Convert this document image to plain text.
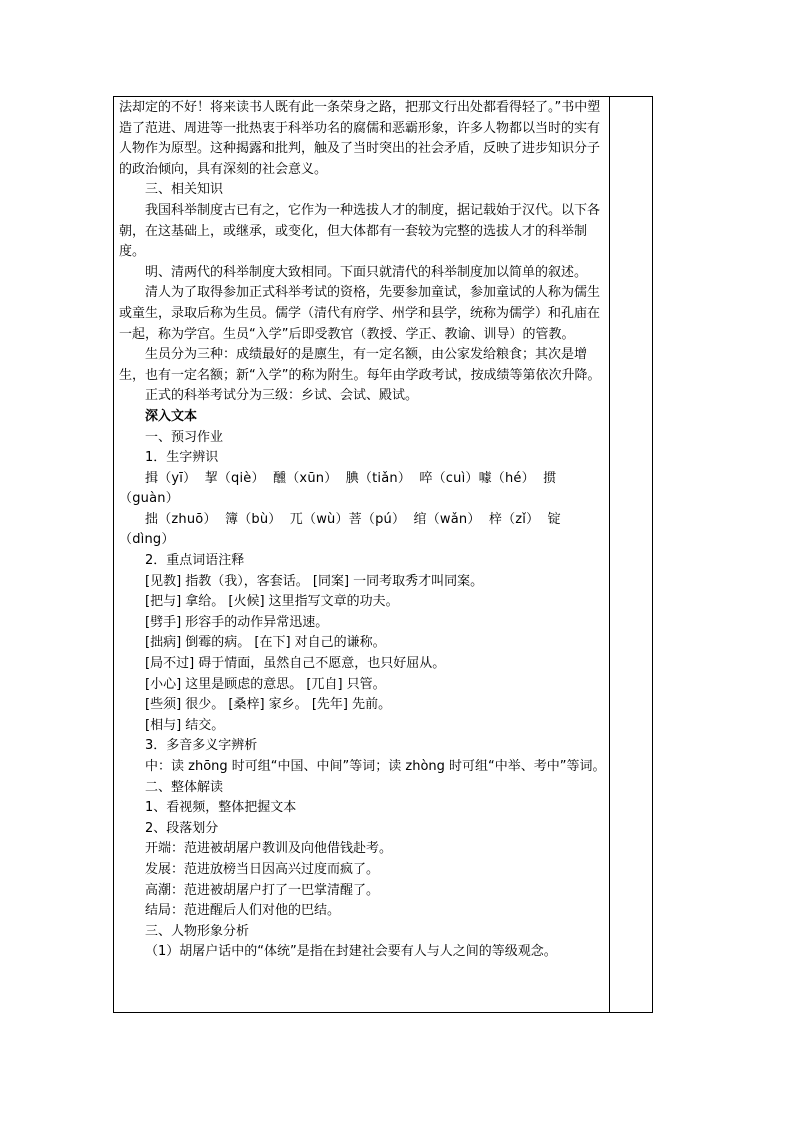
法却定的不好！将来读书人既有此一条荣身之路，把那文行出处都看得轻了。”书中塑造了范进、周进等一批热衷于科举功名的腐儒和恶霸形象，许多人物都以当时的实有人物作为原型。这种揭露和批判，触及了当时突出的社会矛盾，反映了进步知识分子的政治倾向，具有深刻的社会意义。

三、相关知识

我国科举制度古已有之，它作为一种选拔人才的制度，据记载始于汉代。以下各朝，在这基础上，或继承，或变化，但大体都有一套较为完整的选拔人才的科举制度。

明、清两代的科举制度大致相同。下面只就清代的科举制度加以简单的叙述。

清人为了取得参加正式科举考试的资格，先要参加童试，参加童试的人称为儒生或童生，录取后称为生员。儒学（清代有府学、州学和县学，统称为儒学）和孔庙在一起，称为学宫。生员“入学”后即受教官（教授、学正、教谕、训导）的管教。

生员分为三种：成绩最好的是廪生，有一定名额，由公家发给粮食；其次是增生，也有一定名额；新“入学”的称为附生。每年由学政考试，按成绩等第依次升降。

正式的科举考试分为三级：乡试、会试、殿试。

深入文本

一、预习作业

1．生字辨识

揖（yī） 挈（qiè） 醺（xūn） 腆（tiǎn） 啐（cuì）噱（hé） 掼（guàn）

拙（zhuō） 簿（bù） 兀（wù）菩（pú） 绾（wǎn） 梓（zǐ） 锭（dìng）

2．重点词语注释

[见教] 指教（我），客套话。 [同案] 一同考取秀才叫同案。

[把与] 拿给。 [火候] 这里指写文章的功夫。

[劈手] 形容手的动作异常迅速。

[拙病] 倒霉的病。 [在下] 对自己的谦称。

[局不过] 碍于情面，虽然自己不愿意，也只好屈从。

[小心] 这里是顾虑的意思。 [兀自] 只管。

[些须] 很少。 [桑梓] 家乡。 [先年] 先前。

[相与] 结交。

3．多音多义字辨析

中：读 zhōng 时可组“中国、中间”等词；读 zhòng 时可组“中举、考中”等词。

二、整体解读

1、看视频，整体把握文本

2、段落划分

开端：范进被胡屠户教训及向他借钱赴考。

发展：范进放榜当日因高兴过度而疯了。

高潮：范进被胡屠户打了一巴掌清醒了。

结局：范进醒后人们对他的巴结。

三、人物形象分析

（1）胡屠户话中的“体统”是指在封建社会要有人与人之间的等级观念。
